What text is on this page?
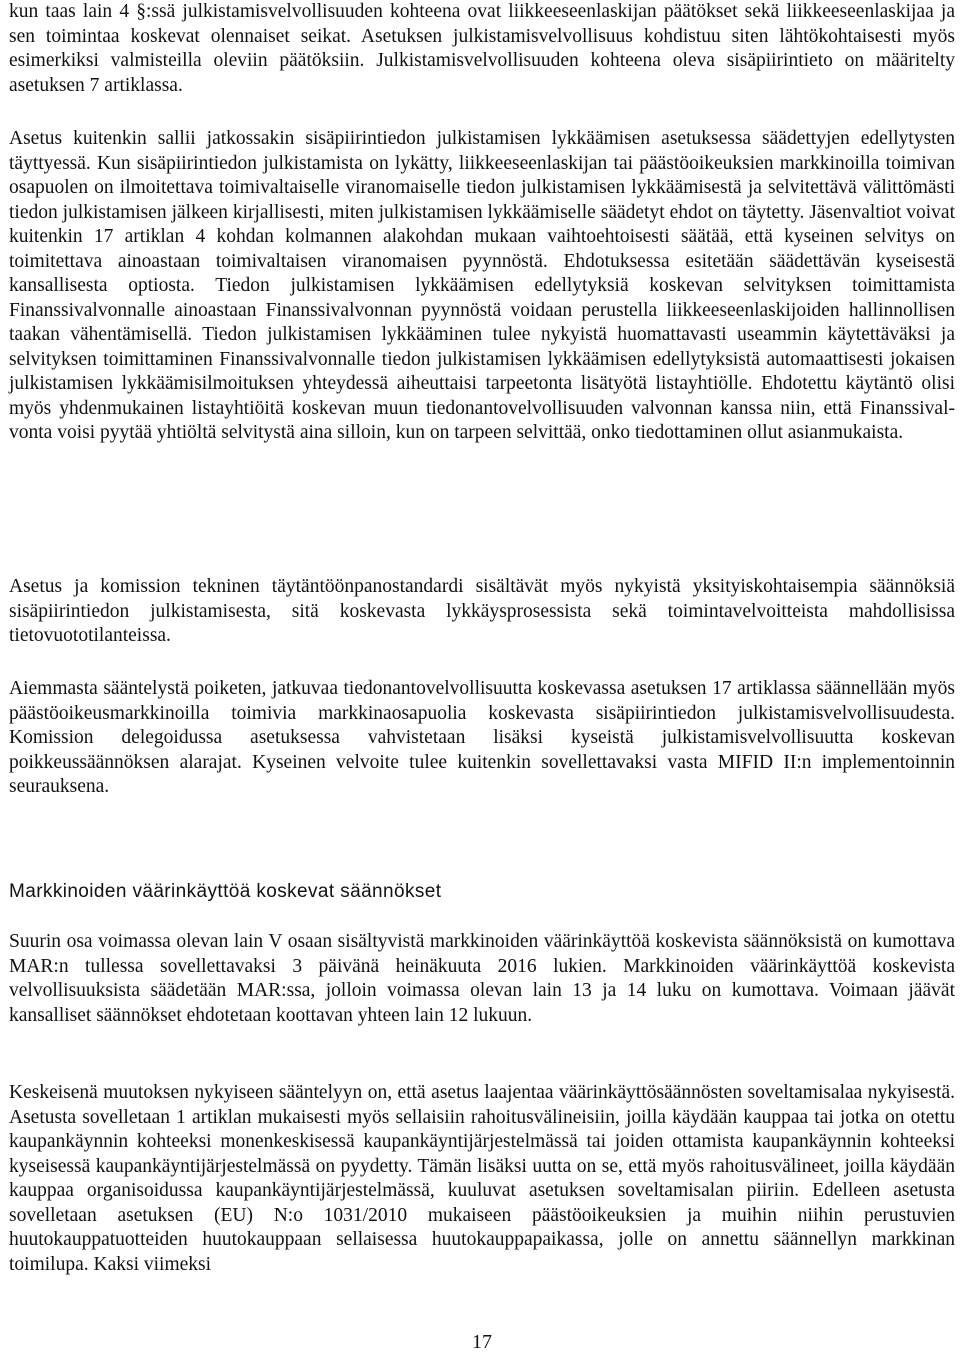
kun taas lain 4 §:ssä julkistamisvelvollisuuden kohteena ovat liikkeeseenlaskijan päätökset sekä liikkeeseenlaskijaa ja sen toimintaa koskevat olennaiset seikat. Asetuksen julkistamisvelvollisuus kohdistuu siten lähtökohtaisesti myös esimerkiksi valmisteilla oleviin päätöksiin. Julkistamisvelvollisuuden kohteena oleva sisäpiirintieto on määritelty asetuksen 7 artiklassa.

Asetus kuitenkin sallii jatkossakin sisäpiirintiedon julkistamisen lykkäämisen asetuksessa säädettyjen edellytysten täyttyessä. Kun sisäpiirintiedon julkistamista on lykätty, liikkeeseenlaskijan tai päästöoikeuksien markkinoilla toimivan osapuolen on ilmoitettava toimivaltaiselle viranomaiselle tiedon julkistamisen lykkäämisestä ja selvitettävä välittömästi tiedon julkistamisen jälkeen kirjallisesti, miten julkistamisen lykkäämiselle säädetyt ehdot on täytetty. Jäsenvaltiot voivat kuitenkin 17 artiklan 4 kohdan kolmannen alakohdan mukaan vaihtoehtoisesti säätää, että kyseinen selvitys on toimitettava ainoastaan toimivaltaisen viranomaisen pyynnöstä. Ehdotuksessa esitetään säädettävän kyseisestä kansallisesta optiosta. Tiedon julkistamisen lykkäämisen edellytyksiä koskevan selvityksen toimittamista Finanssivalvonnalle ainoastaan Finanssivalvonnan pyynnöstä voidaan perustella liikkeeseenlaskijoiden hallinnollisen taakan vähentämisellä. Tiedon julkistamisen lykkääminen tulee nykyistä huomattavasti useammin käytettäväksi ja selvityksen toimittaminen Finanssivalvonnalle tiedon julkistamisen lykkäämisen edellytyksistä automaattisesti jokaisen julkistamisen lykkäämisilmoituksen yhteydessä aiheuttaisi tarpeetonta lisätyötä listayhtiölle. Ehdotettu käytäntö olisi myös yhdenmukainen listayhtiöitä koskevan muun tiedonantovelvollisuuden valvonnan kanssa niin, että Finanssivalvonta voisi pyytää yhtiöltä selvitystä aina silloin, kun on tarpeen selvittää, onko tiedottaminen ollut asianmukaista.

Asetus ja komission tekninen täytäntöönpanostandardi sisältävät myös nykyistä yksityiskohtaisempia säännöksiä sisäpiirintiedon julkistamisesta, sitä koskevasta lykkäysprosessista sekä toimintavelvoitteista mahdollisissa tietovuototilanteissa.

Aiemmasta sääntelystä poiketen, jatkuvaa tiedonantovelvollisuutta koskevassa asetuksen 17 artiklassa säännellään myös päästöoikeusmarkkinoilla toimivia markkinaosapuolia koskevasta sisäpiirintiedon julkistamisvelvollisuudesta. Komission delegoidussa asetuksessa vahvistetaan lisäksi kyseistä julkistamisvelvollisuutta koskevan poikkeussäännöksen alarajat. Kyseinen velvoite tulee kuitenkin sovellettavaksi vasta MIFID II:n implementoinnin seurauksena.

Markkinoiden väärinkäyttöä koskevat säännökset

Suurin osa voimassa olevan lain V osaan sisältyvistä markkinoiden väärinkäyttöä koskevista säännöksistä on kumottava MAR:n tullessa sovellettavaksi 3 päivänä heinäkuuta 2016 lukien. Markkinoiden väärinkäyttöä koskevista velvollisuuksista säädetään MAR:ssa, jolloin voimassa olevan lain 13 ja 14 luku on kumottava. Voimaan jäävät kansalliset säännökset ehdotetaan koottavan yhteen lain 12 lukuun.

Keskeisenä muutoksen nykyiseen sääntelyyn on, että asetus laajentaa väärinkäyttösäännösten soveltamisalaa nykyisestä. Asetusta sovelletaan 1 artiklan mukaisesti myös sellaisiin rahoitusvälineisiin, joilla käydään kauppaa tai jotka on otettu kaupankäynnin kohteeksi monenkeskisessä kaupankäyntijärjestelmässä tai joiden ottamista kaupankäynnin kohteeksi kyseisessä kaupankäyntijärjestelmässä on pyydetty. Tämän lisäksi uutta on se, että myös rahoitusvälineet, joilla käydään kauppaa organisoidussa kaupankäyntijärjestelmässä, kuuluvat asetuksen soveltamisalan piiriin. Edelleen asetusta sovelletaan asetuksen (EU) N:o 1031/2010 mukaiseen päästöoikeuksien ja muihin niihin perustuvien huutokauppatuotteiden huutokauppaan sellaisessa huutokauppapaikassa, jolle on annettu säännellyn markkinan toimilupa. Kaksi viimeksi

17
